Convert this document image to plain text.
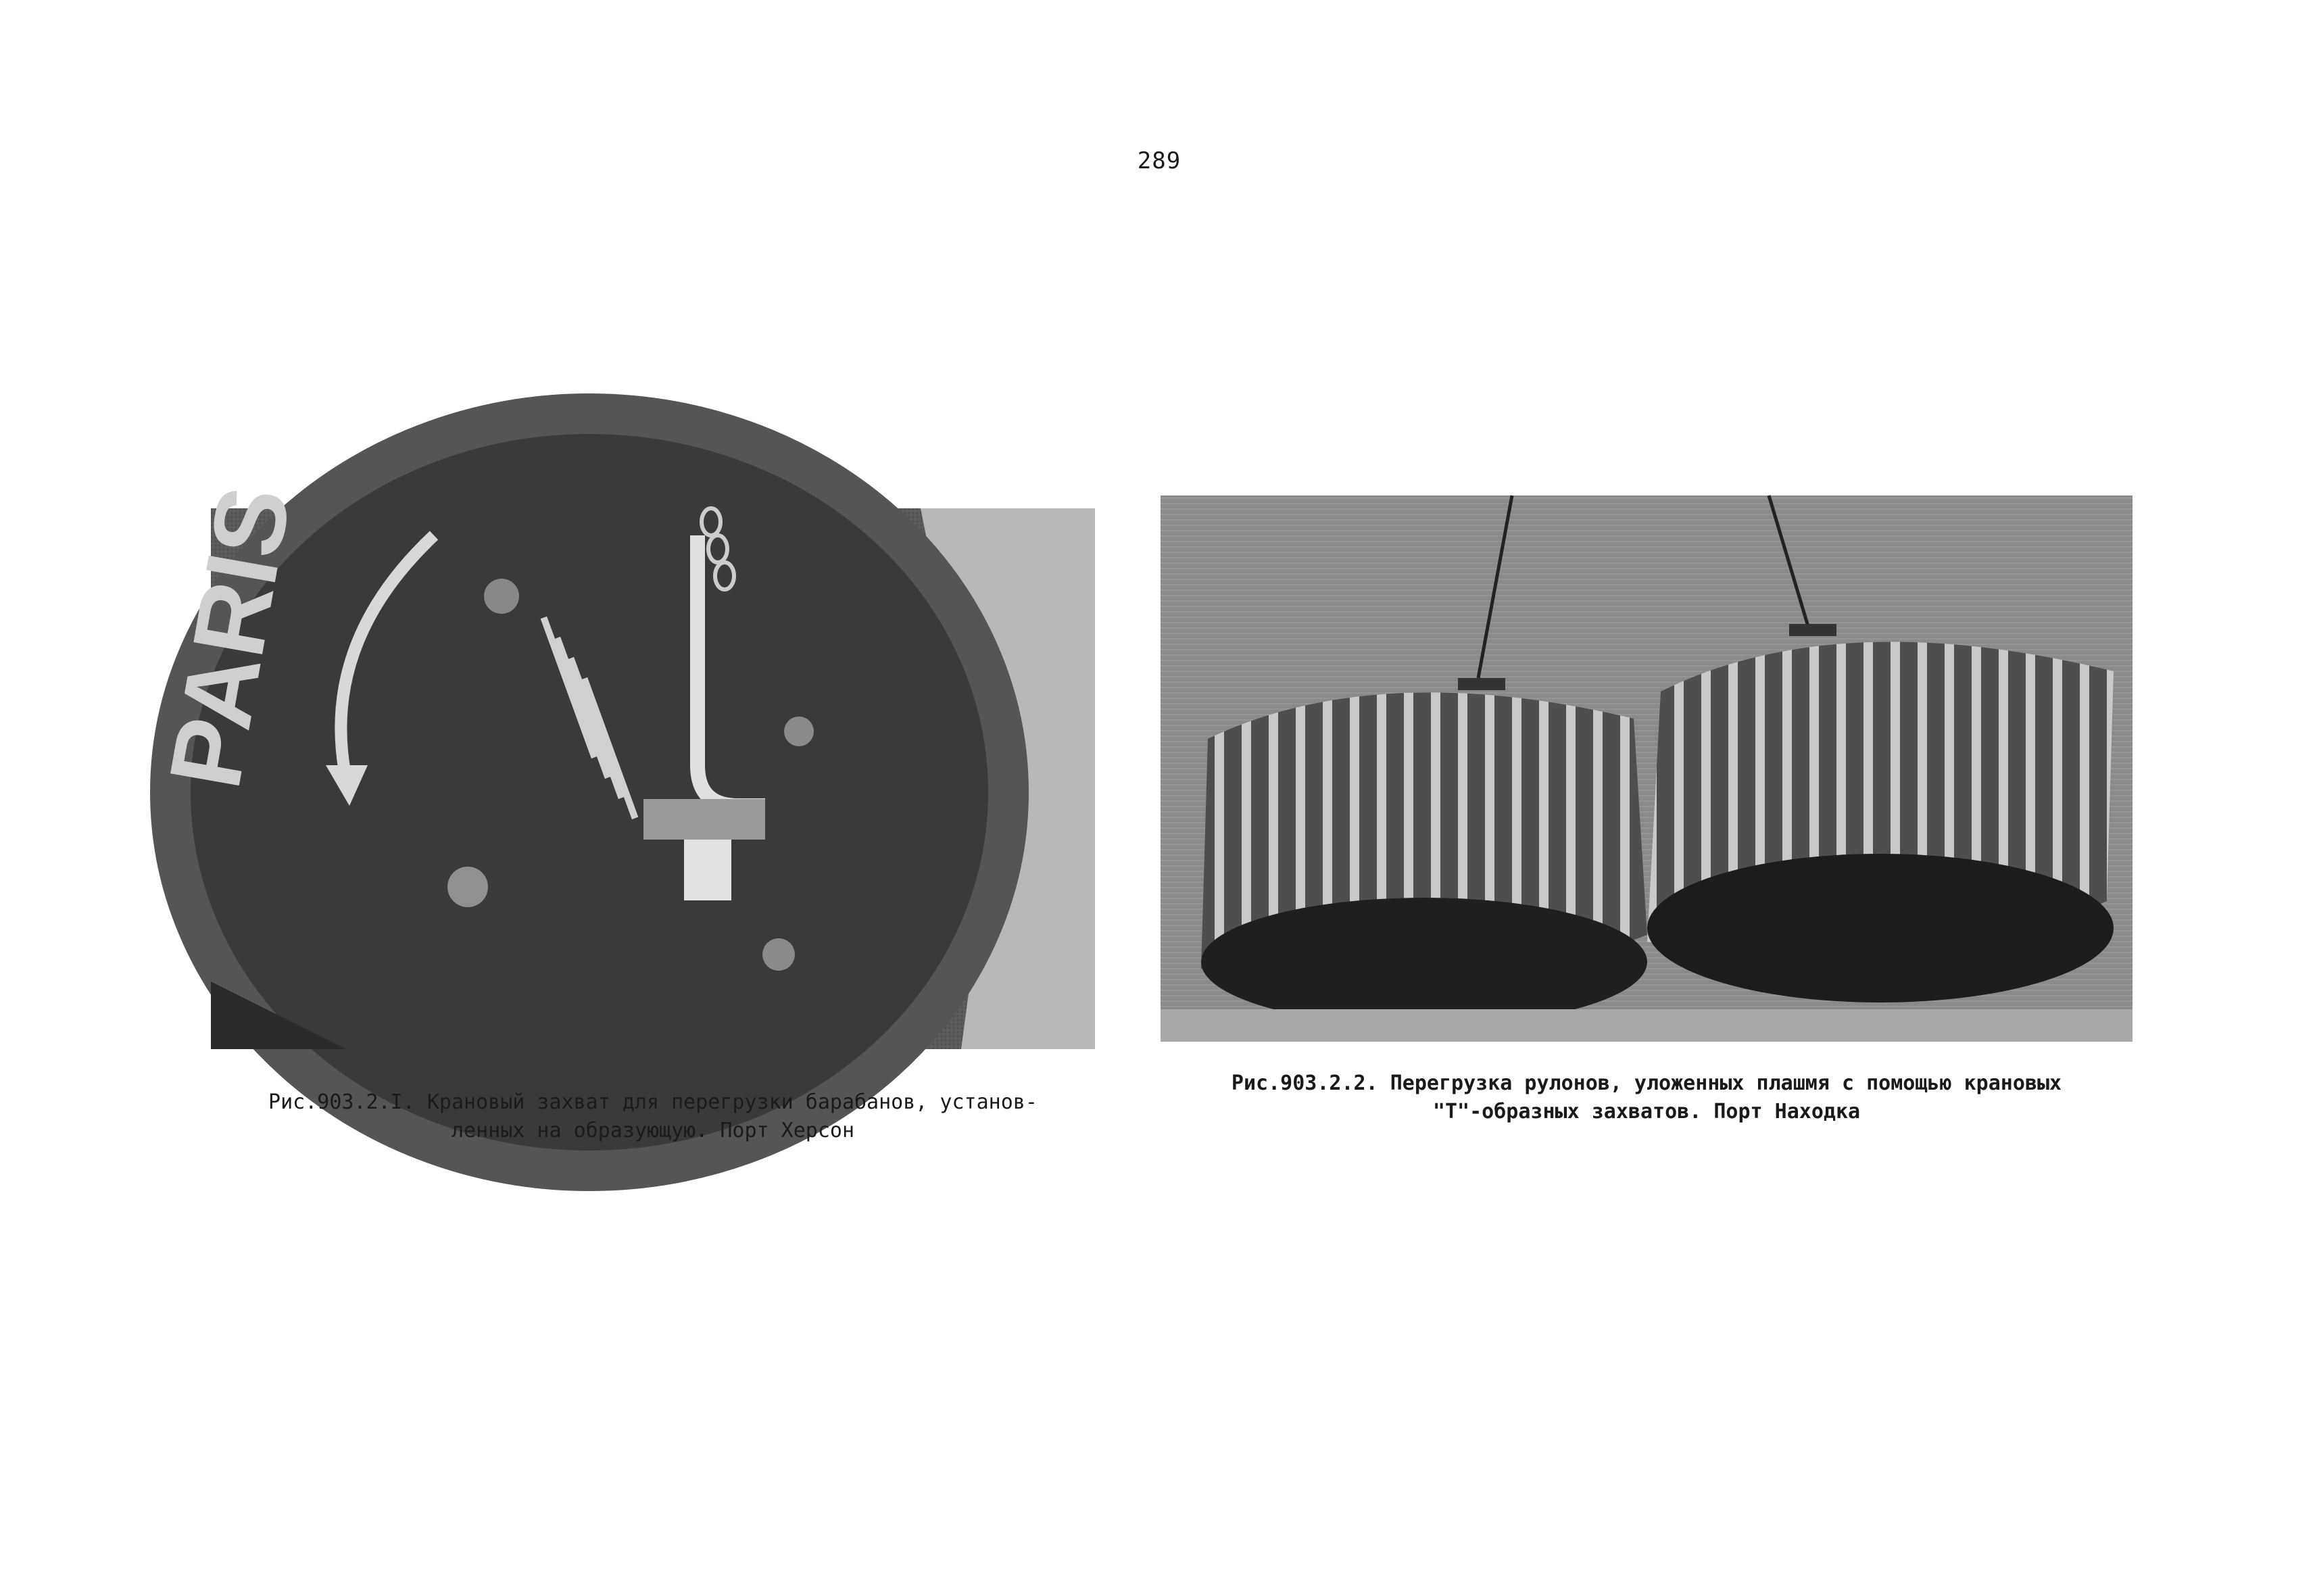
289
PARIS
Рис.903.2.I. Крановый захват для перегрузки барабанов, установ-
ленных на образующую. Порт Херсон
Рис.903.2.2. Перегрузка рулонов, уложенных плашмя с помощью крановых
"Т"-образных захватов. Порт Находка
